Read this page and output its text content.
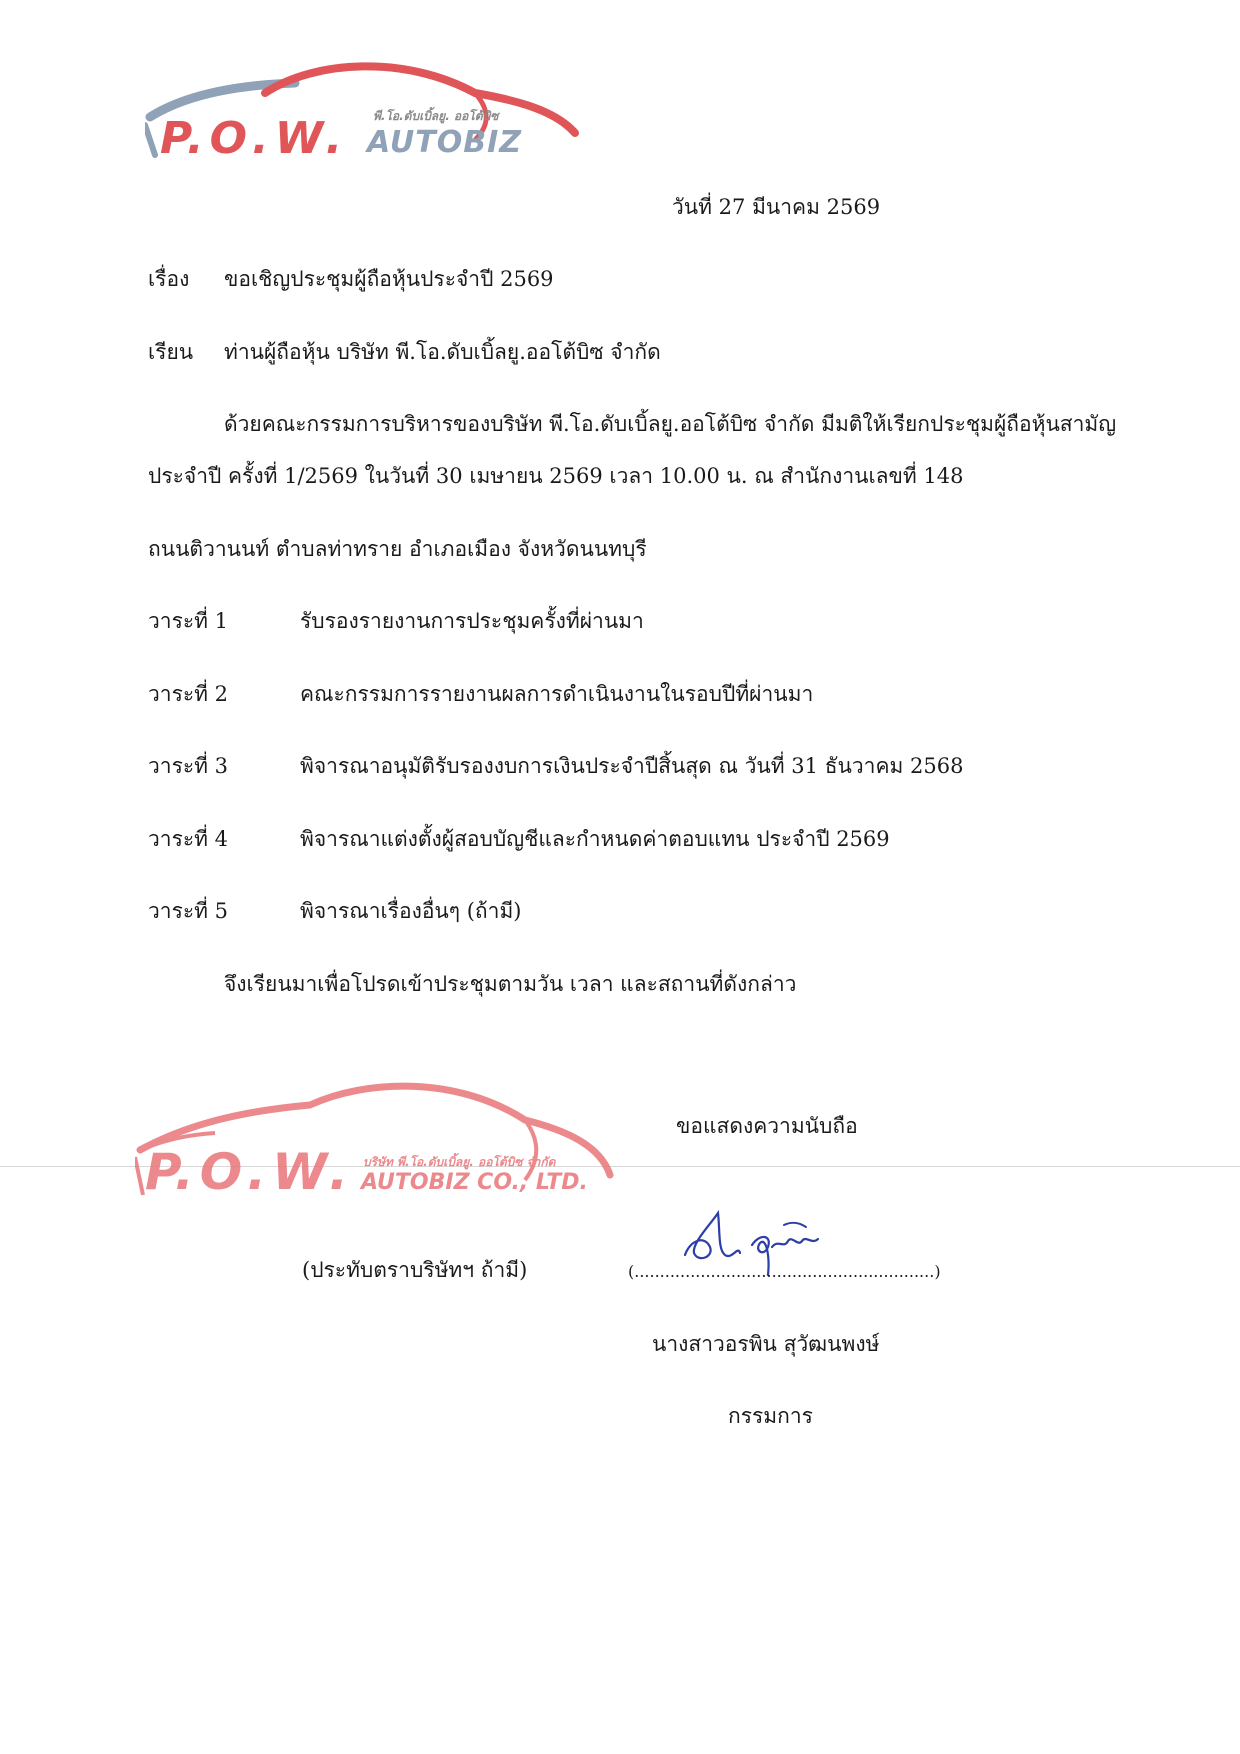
P.O.W. พี.โอ.ดับเบิ้ลยู. ออโต้บิซ
AUTOBIZ
วันที่ 27 มีนาคม 2569
เรื่อง ขอเชิญประชุมผู้ถือหุ้นประจำปี 2569
เรียน ท่านผู้ถือหุ้น บริษัท พี.โอ.ดับเบิ้ลยู.ออโต้บิซ จำกัด
ด้วยคณะกรรมการบริหารของบริษัท พี.โอ.ดับเบิ้ลยู.ออโต้บิซ จำกัด มีมติให้เรียกประชุมผู้ถือหุ้นสามัญ
ประจำปี ครั้งที่ 1/2569 ในวันที่ 30 เมษายน 2569 เวลา 10.00 น. ณ สำนักงานเลขที่ 148
ถนนติวานนท์ ตำบลท่าทราย อำเภอเมือง จังหวัดนนทบุรี
วาระที่ 1	รับรองรายงานการประชุมครั้งที่ผ่านมา
วาระที่ 2	คณะกรรมการรายงานผลการดำเนินงานในรอบปีที่ผ่านมา
วาระที่ 3	พิจารณาอนุมัติรับรองงบการเงินประจำปีสิ้นสุด ณ วันที่ 31 ธันวาคม 2568
วาระที่ 4	พิจารณาแต่งตั้งผู้สอบบัญชีและกำหนดค่าตอบแทน ประจำปี 2569
วาระที่ 5	พิจารณาเรื่องอื่นๆ (ถ้ามี)
จึงเรียนมาเพื่อโปรดเข้าประชุมตามวัน เวลา และสถานที่ดังกล่าว
P.O.W. บริษัท พี.โอ.ดับเบิ้ลยู. ออโต้บิซ จำกัด
AUTOBIZ CO., LTD.
ขอแสดงความนับถือ
(ประทับตราบริษัทฯ ถ้ามี)	(...........................................................)
นางสาวอรพิน สุวัฒนพงษ์
กรรมการ
